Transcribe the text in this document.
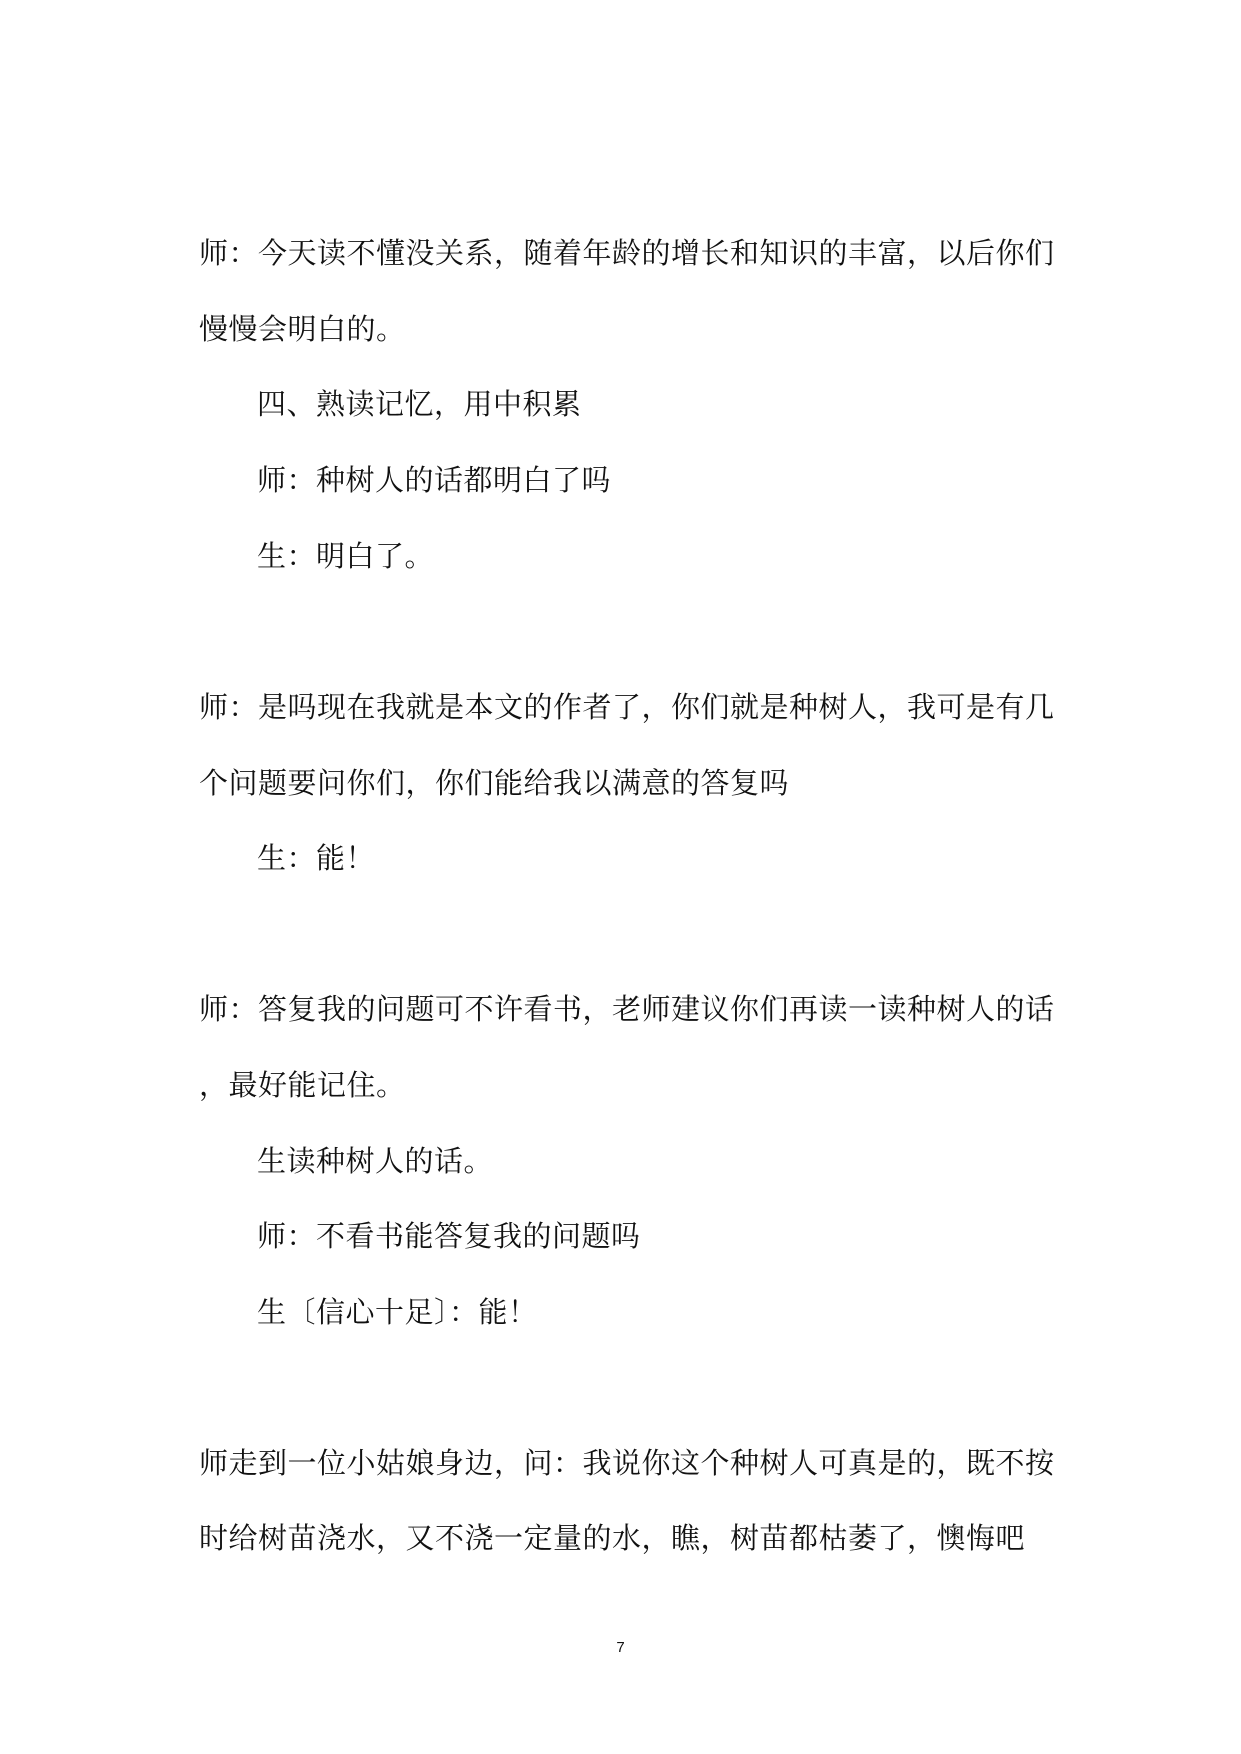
师：今天读不懂没关系，随着年龄的增长和知识的丰富，以后你们

慢慢会明白的。

四、熟读记忆，用中积累

师：种树人的话都明白了吗

生：明白了。

师：是吗现在我就是本文的作者了，你们就是种树人，我可是有几

个问题要问你们，你们能给我以满意的答复吗

生：能！

师：答复我的问题可不许看书，老师建议你们再读一读种树人的话

，最好能记住。

生读种树人的话。

师：不看书能答复我的问题吗

生〔信心十足〕：能！

师走到一位小姑娘身边，问：我说你这个种树人可真是的，既不按

时给树苗浇水，又不浇一定量的水，瞧，树苗都枯萎了，懊悔吧

7
